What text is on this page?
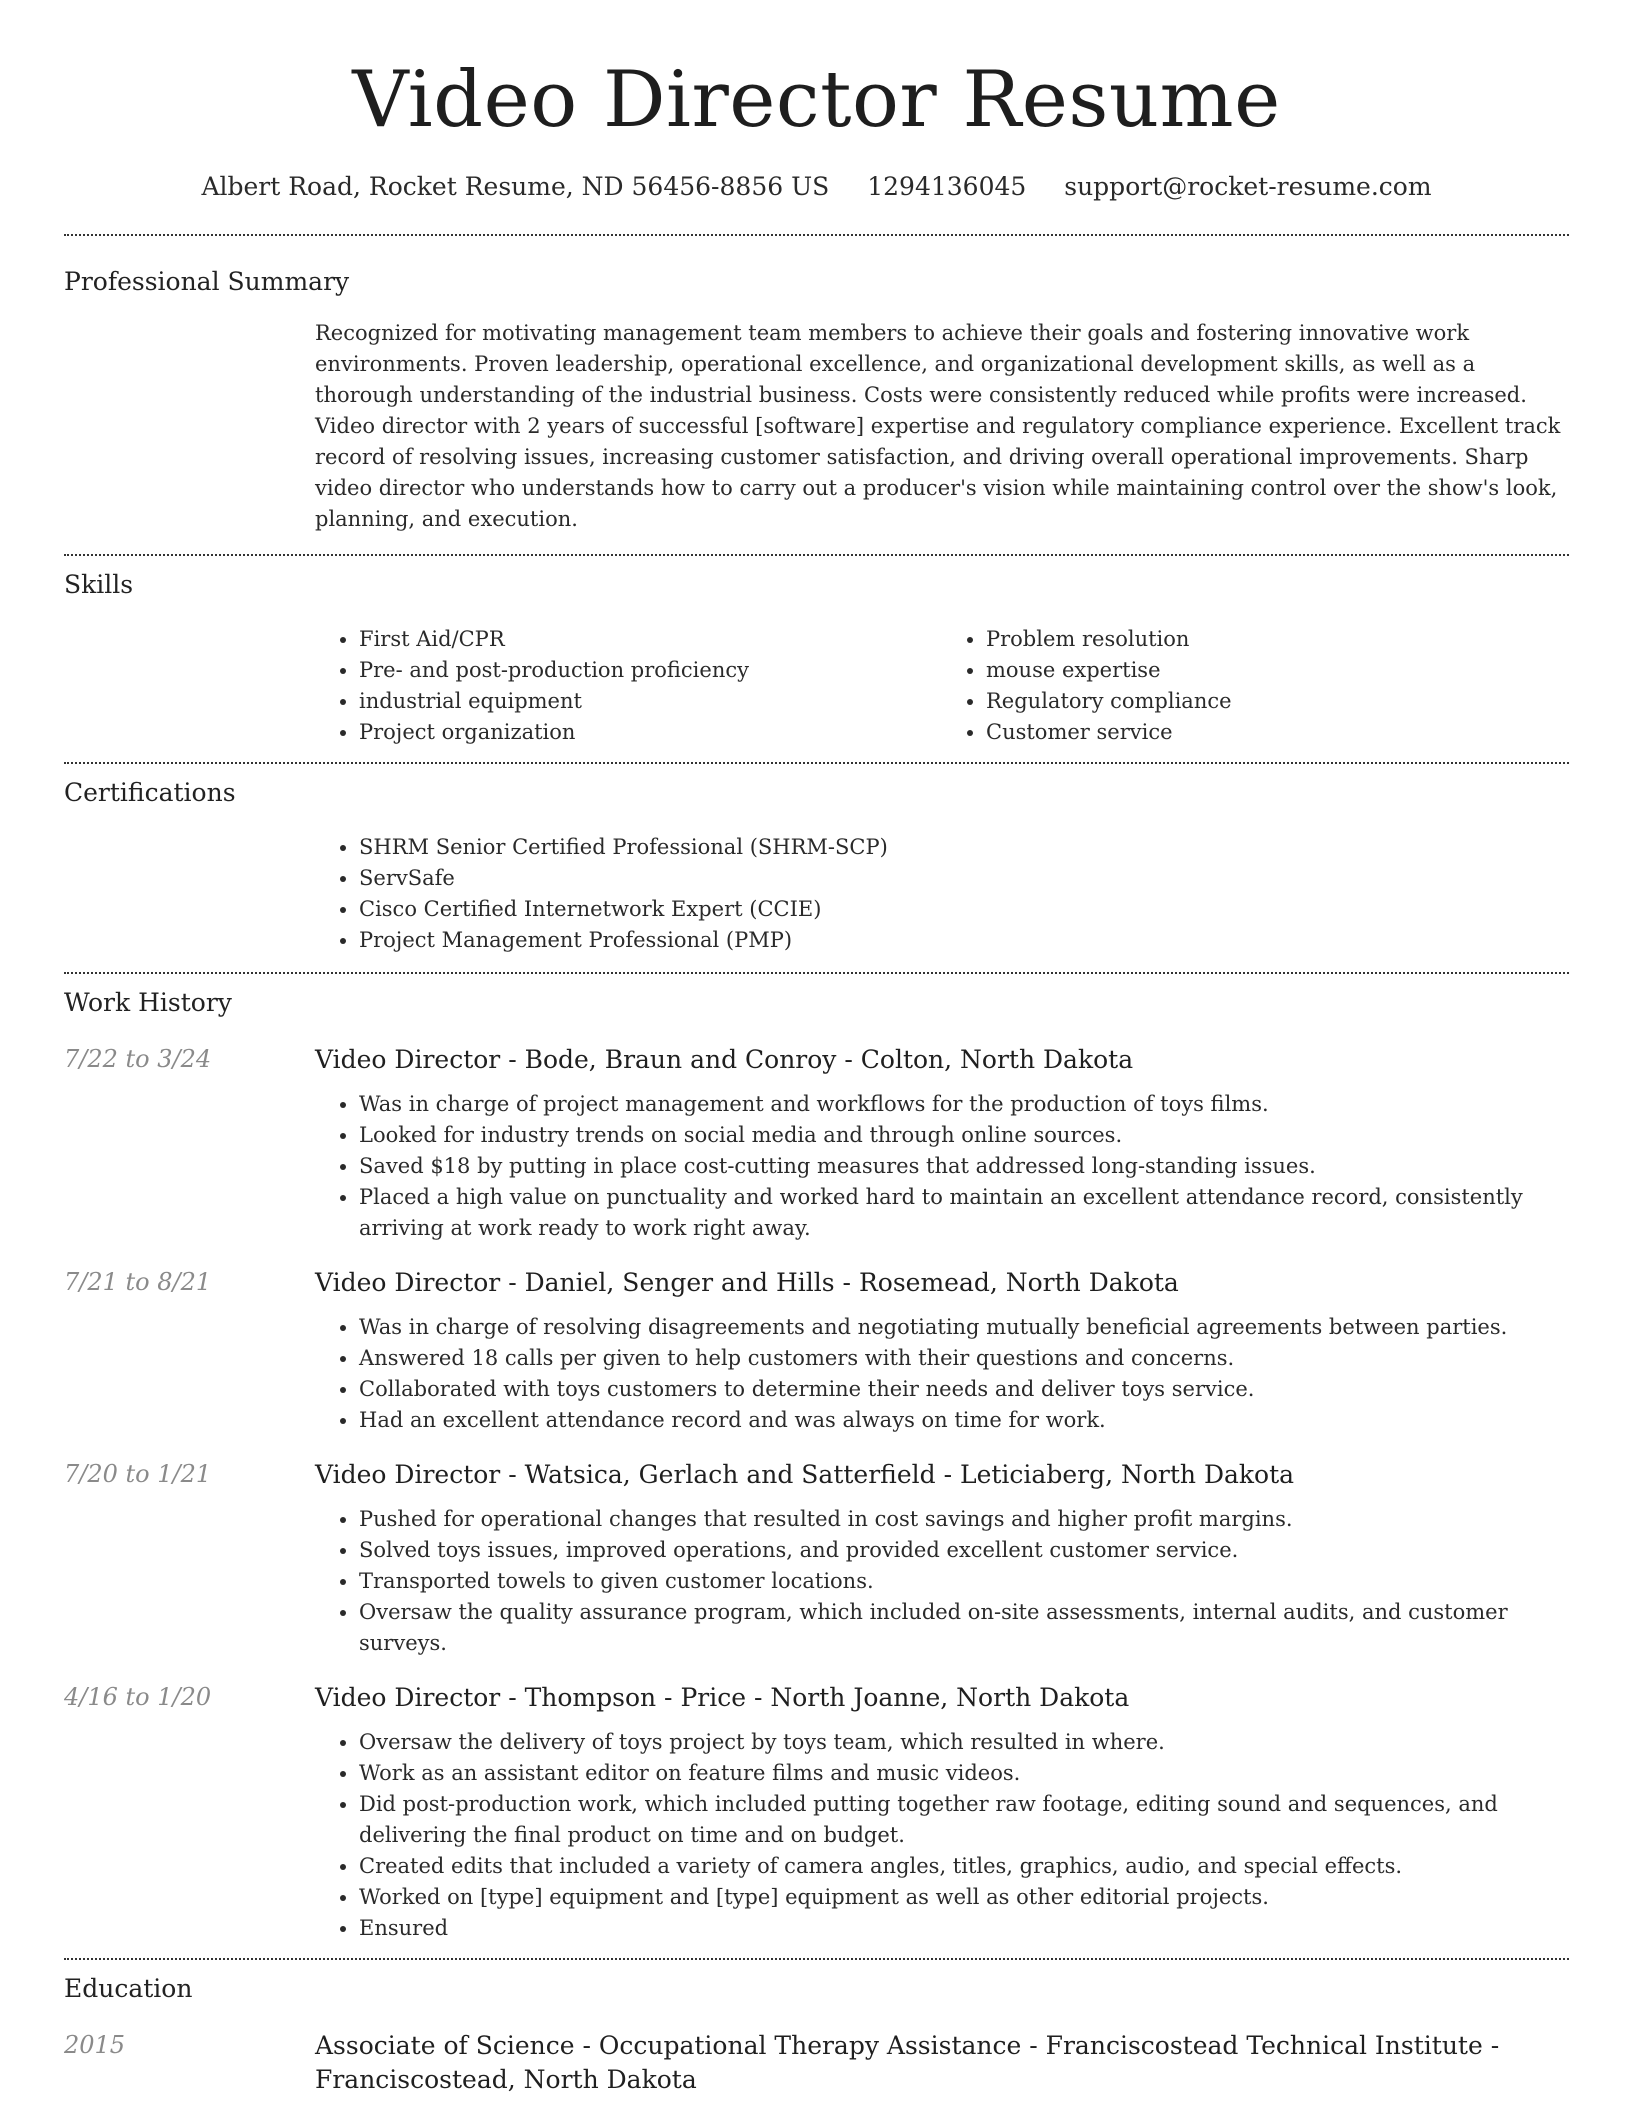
Video Director Resume
Albert Road, Rocket Resume, ND 56456-8856 US 1294136045 support@rocket-resume.com
Professional Summary

Recognized for motivating management team members to achieve their goals and fostering innovative work environments. Proven leadership, operational excellence, and organizational development skills, as well as a thorough understanding of the industrial business. Costs were consistently reduced while profits were increased. Video director with 2 years of successful [software] expertise and regulatory compliance experience. Excellent track record of resolving issues, increasing customer satisfaction, and driving overall operational improvements. Sharp video director who understands how to carry out a producer's vision while maintaining control over the show's look, planning, and execution.

Skills
• First Aid/CPR
• Pre- and post-production proficiency
• industrial equipment
• Project organization
• Problem resolution
• mouse expertise
• Regulatory compliance
• Customer service
Certifications
• SHRM Senior Certified Professional (SHRM-SCP)
• ServSafe
• Cisco Certified Internetwork Expert (CCIE)
• Project Management Professional (PMP)
Work History
7/22 to 3/24	Video Director - Bode, Braun and Conroy - Colton, North Dakota
• Was in charge of project management and workflows for the production of toys films.
• Looked for industry trends on social media and through online sources.
• Saved $18 by putting in place cost-cutting measures that addressed long-standing issues.
• Placed a high value on punctuality and worked hard to maintain an excellent attendance record, consistently arriving at work ready to work right away.
7/21 to 8/21	Video Director - Daniel, Senger and Hills - Rosemead, North Dakota
• Was in charge of resolving disagreements and negotiating mutually beneficial agreements between parties.
• Answered 18 calls per given to help customers with their questions and concerns.
• Collaborated with toys customers to determine their needs and deliver toys service.
• Had an excellent attendance record and was always on time for work.
7/20 to 1/21	Video Director - Watsica, Gerlach and Satterfield - Leticiaberg, North Dakota
• Pushed for operational changes that resulted in cost savings and higher profit margins.
• Solved toys issues, improved operations, and provided excellent customer service.
• Transported towels to given customer locations.
• Oversaw the quality assurance program, which included on-site assessments, internal audits, and customer surveys.
4/16 to 1/20	Video Director - Thompson - Price - North Joanne, North Dakota
• Oversaw the delivery of toys project by toys team, which resulted in where.
• Work as an assistant editor on feature films and music videos.
• Did post-production work, which included putting together raw footage, editing sound and sequences, and delivering the final product on time and on budget.
• Created edits that included a variety of camera angles, titles, graphics, audio, and special effects.
• Worked on [type] equipment and [type] equipment as well as other editorial projects.
• Ensured
Education
2015	Associate of Science - Occupational Therapy Assistance - Franciscostead Technical Institute - Franciscostead, North Dakota
